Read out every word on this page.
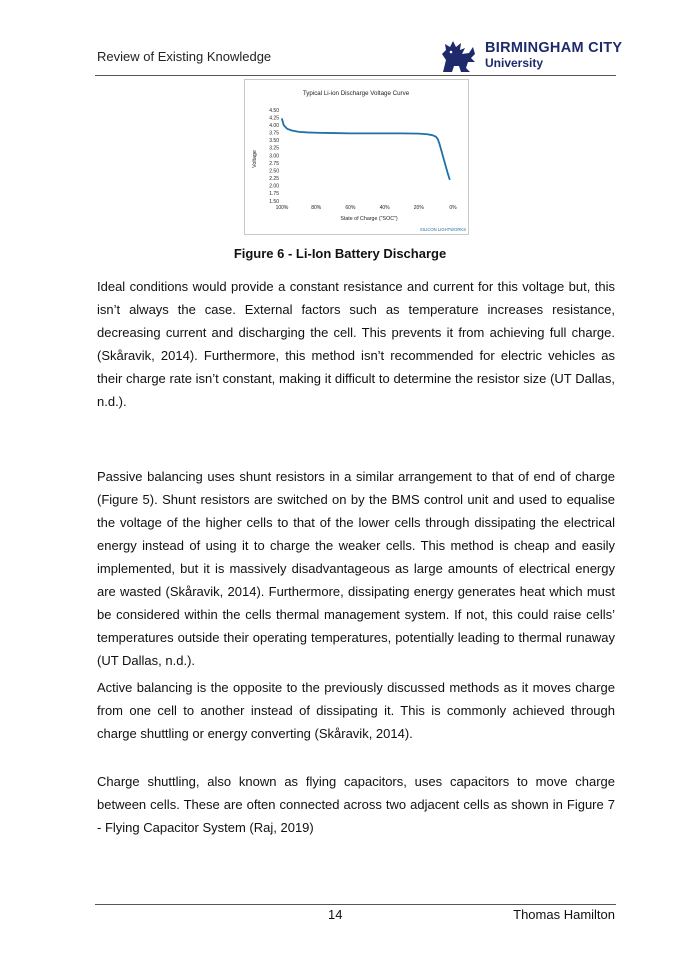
Review of Existing Knowledge
BIRMINGHAM CITY
University
Typical Li-ion Discharge Voltage Curve
Voltage
State of Charge ("SOC")
SILICON LIGHTWORKS
4.50
4.25
4.00
3.75
3.50
3.25
3.00
2.75
2.50
2.25
2.00
1.75
1.50
100%	80%	60%	40%	20%	0%
Figure 6 - Li-Ion Battery Discharge
Ideal conditions would provide a constant resistance and current for this voltage but, this isn’t always the case. External factors such as temperature increases resistance, decreasing current and discharging the cell. This prevents it from achieving full charge. (Skåravik, 2014). Furthermore, this method isn’t recommended for electric vehicles as their charge rate isn’t constant, making it difficult to determine the resistor size (UT Dallas, n.d.).
Passive balancing uses shunt resistors in a similar arrangement to that of end of charge (Figure 5). Shunt resistors are switched on by the BMS control unit and used to equalise the voltage of the higher cells to that of the lower cells through dissipating the electrical energy instead of using it to charge the weaker cells. This method is cheap and easily implemented, but it is massively disadvantageous as large amounts of electrical energy are wasted (Skåravik, 2014). Furthermore, dissipating energy generates heat which must be considered within the cells thermal management system. If not, this could raise cells’ temperatures outside their operating temperatures, potentially leading to thermal runaway (UT Dallas, n.d.).
Active balancing is the opposite to the previously discussed methods as it moves charge from one cell to another instead of dissipating it. This is commonly achieved through charge shuttling or energy converting (Skåravik, 2014).
Charge shuttling, also known as flying capacitors, uses capacitors to move charge between cells. These are often connected across two adjacent cells as shown in Figure 7 - Flying Capacitor System (Raj, 2019)
14	Thomas Hamilton
